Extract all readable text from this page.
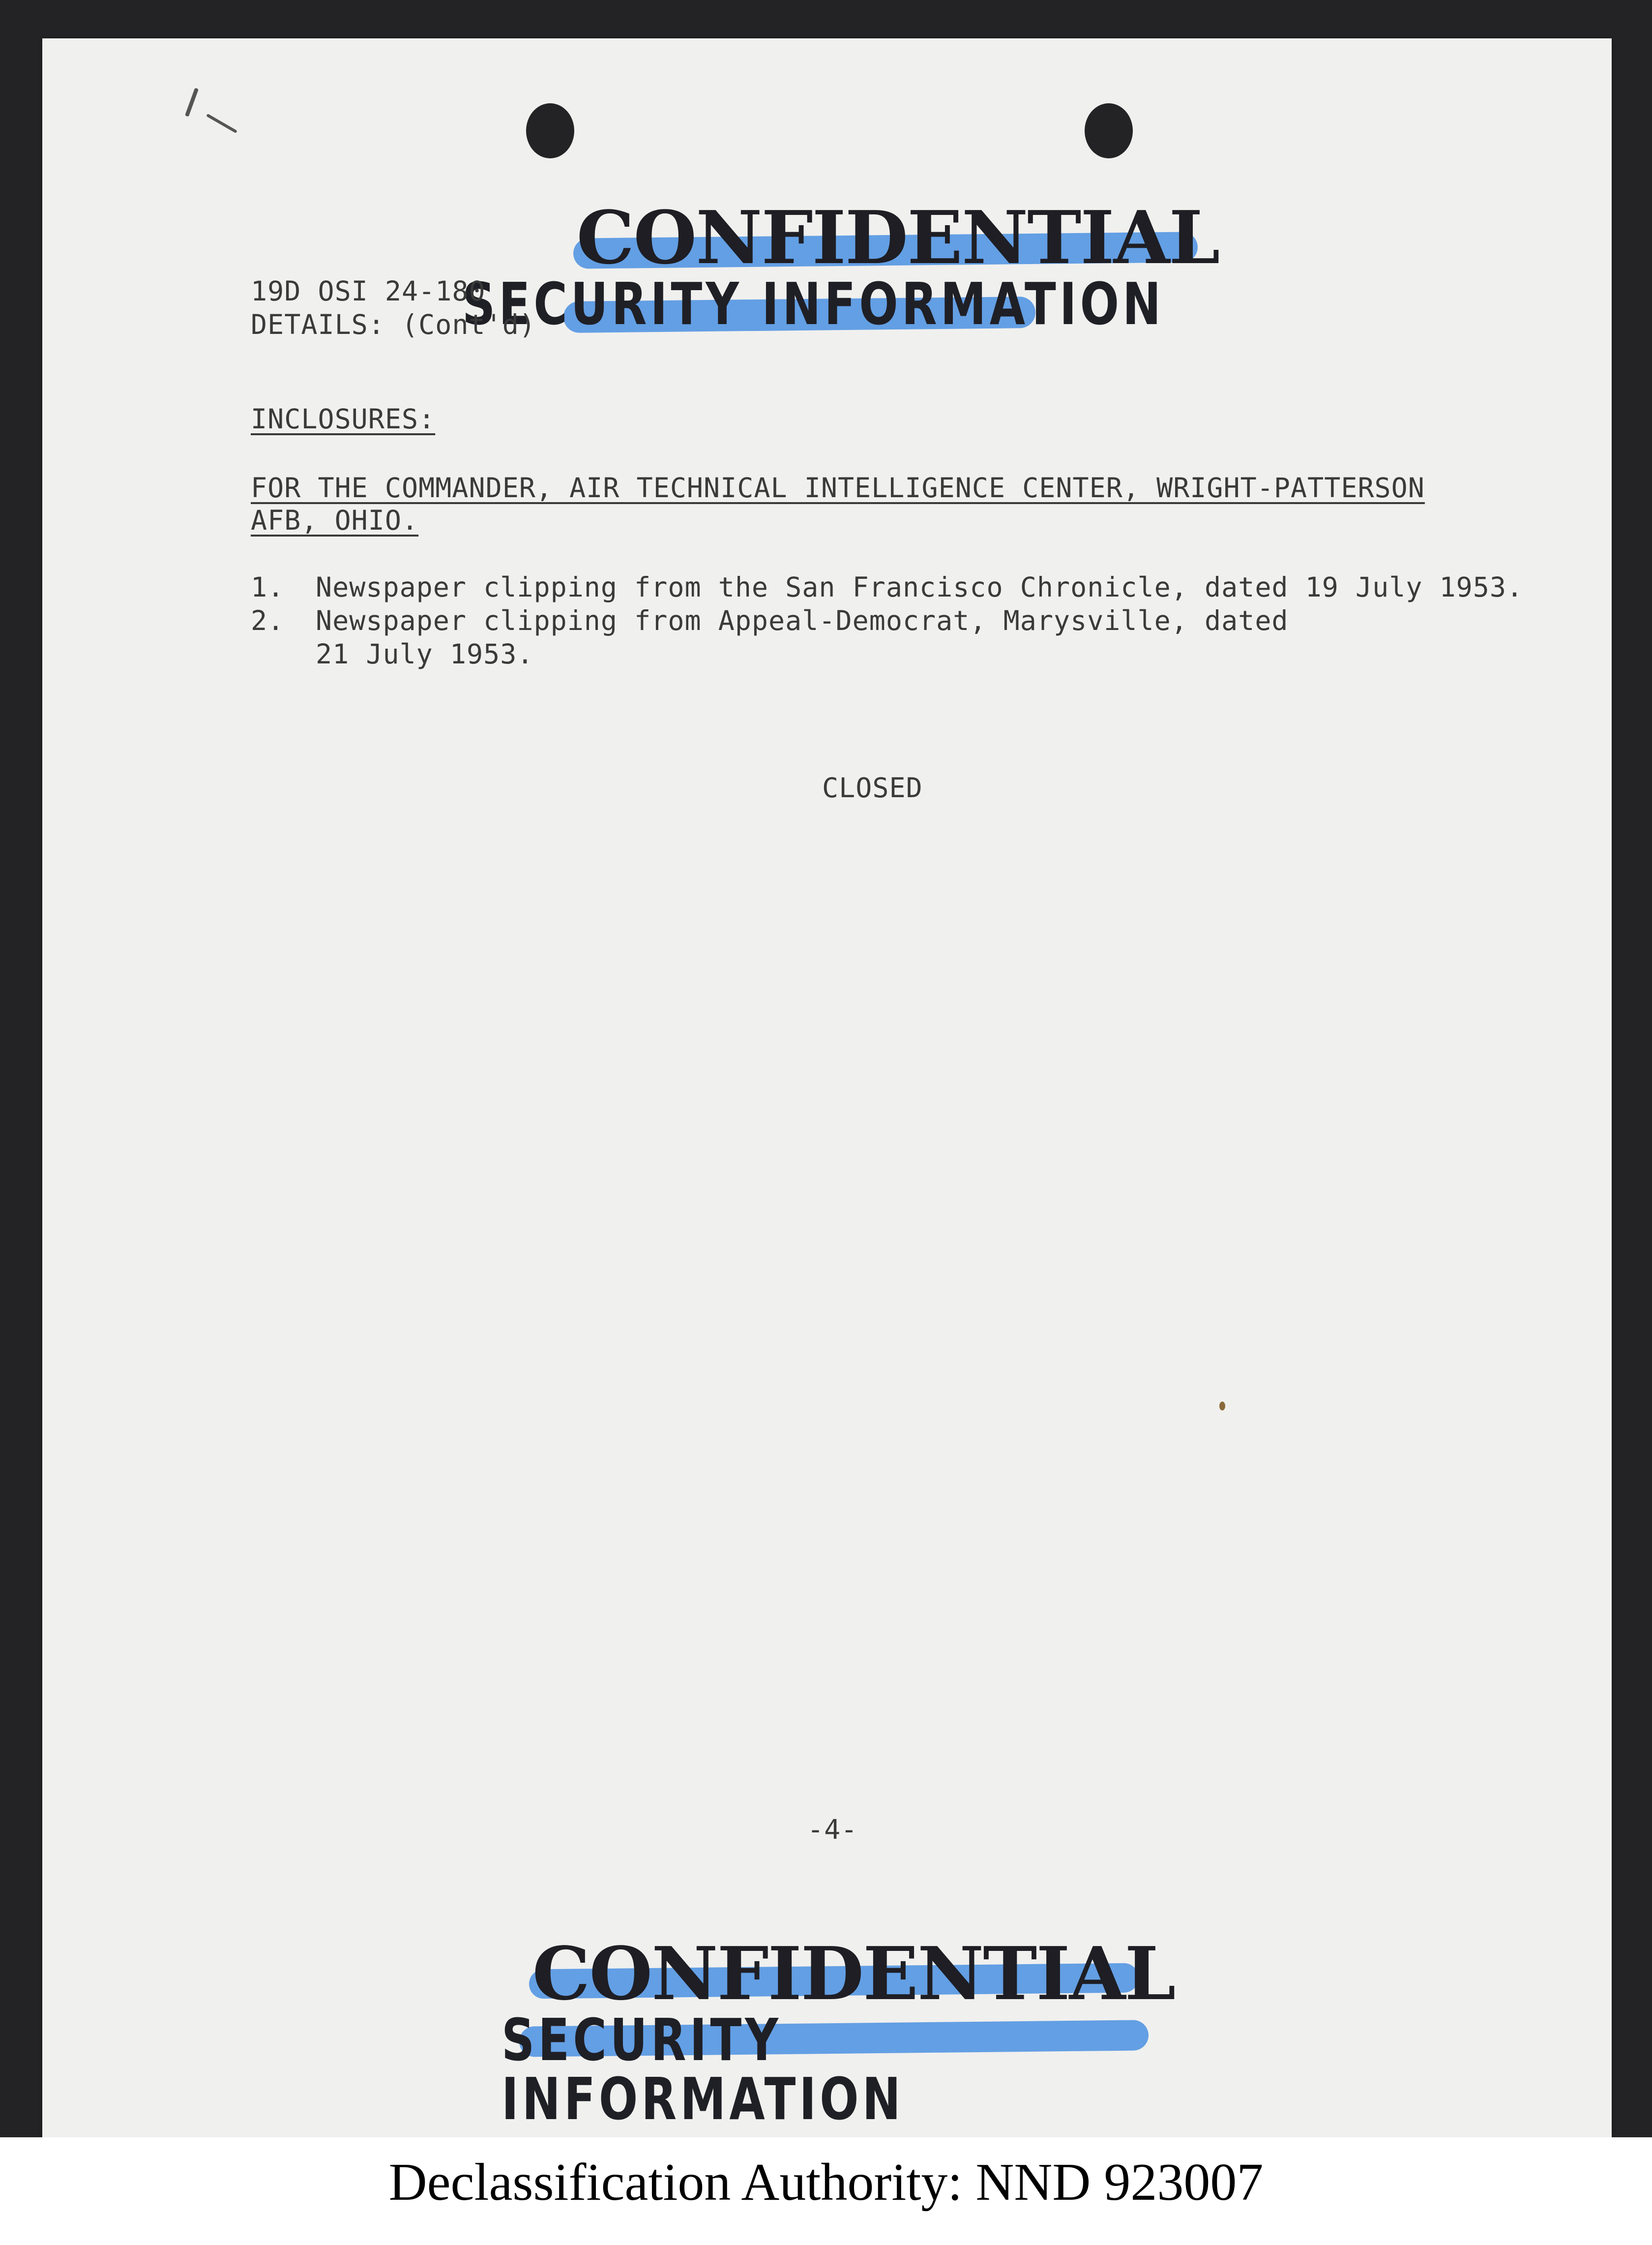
CONFIDENTIAL
SECURITY INFORMATION
19D OSI 24-180
DETAILS: (Cont'd)
INCLOSURES:
FOR THE COMMANDER, AIR TECHNICAL INTELLIGENCE CENTER, WRIGHT-PATTERSON
AFB, OHIO.
1. Newspaper clipping from the San Francisco Chronicle, dated 19 July 1953.
2. Newspaper clipping from Appeal-Democrat, Marysville, dated
21 July 1953.
CLOSED
-4-
CONFIDENTIAL
SECURITY INFORMATION
Declassification Authority: NND 923007
